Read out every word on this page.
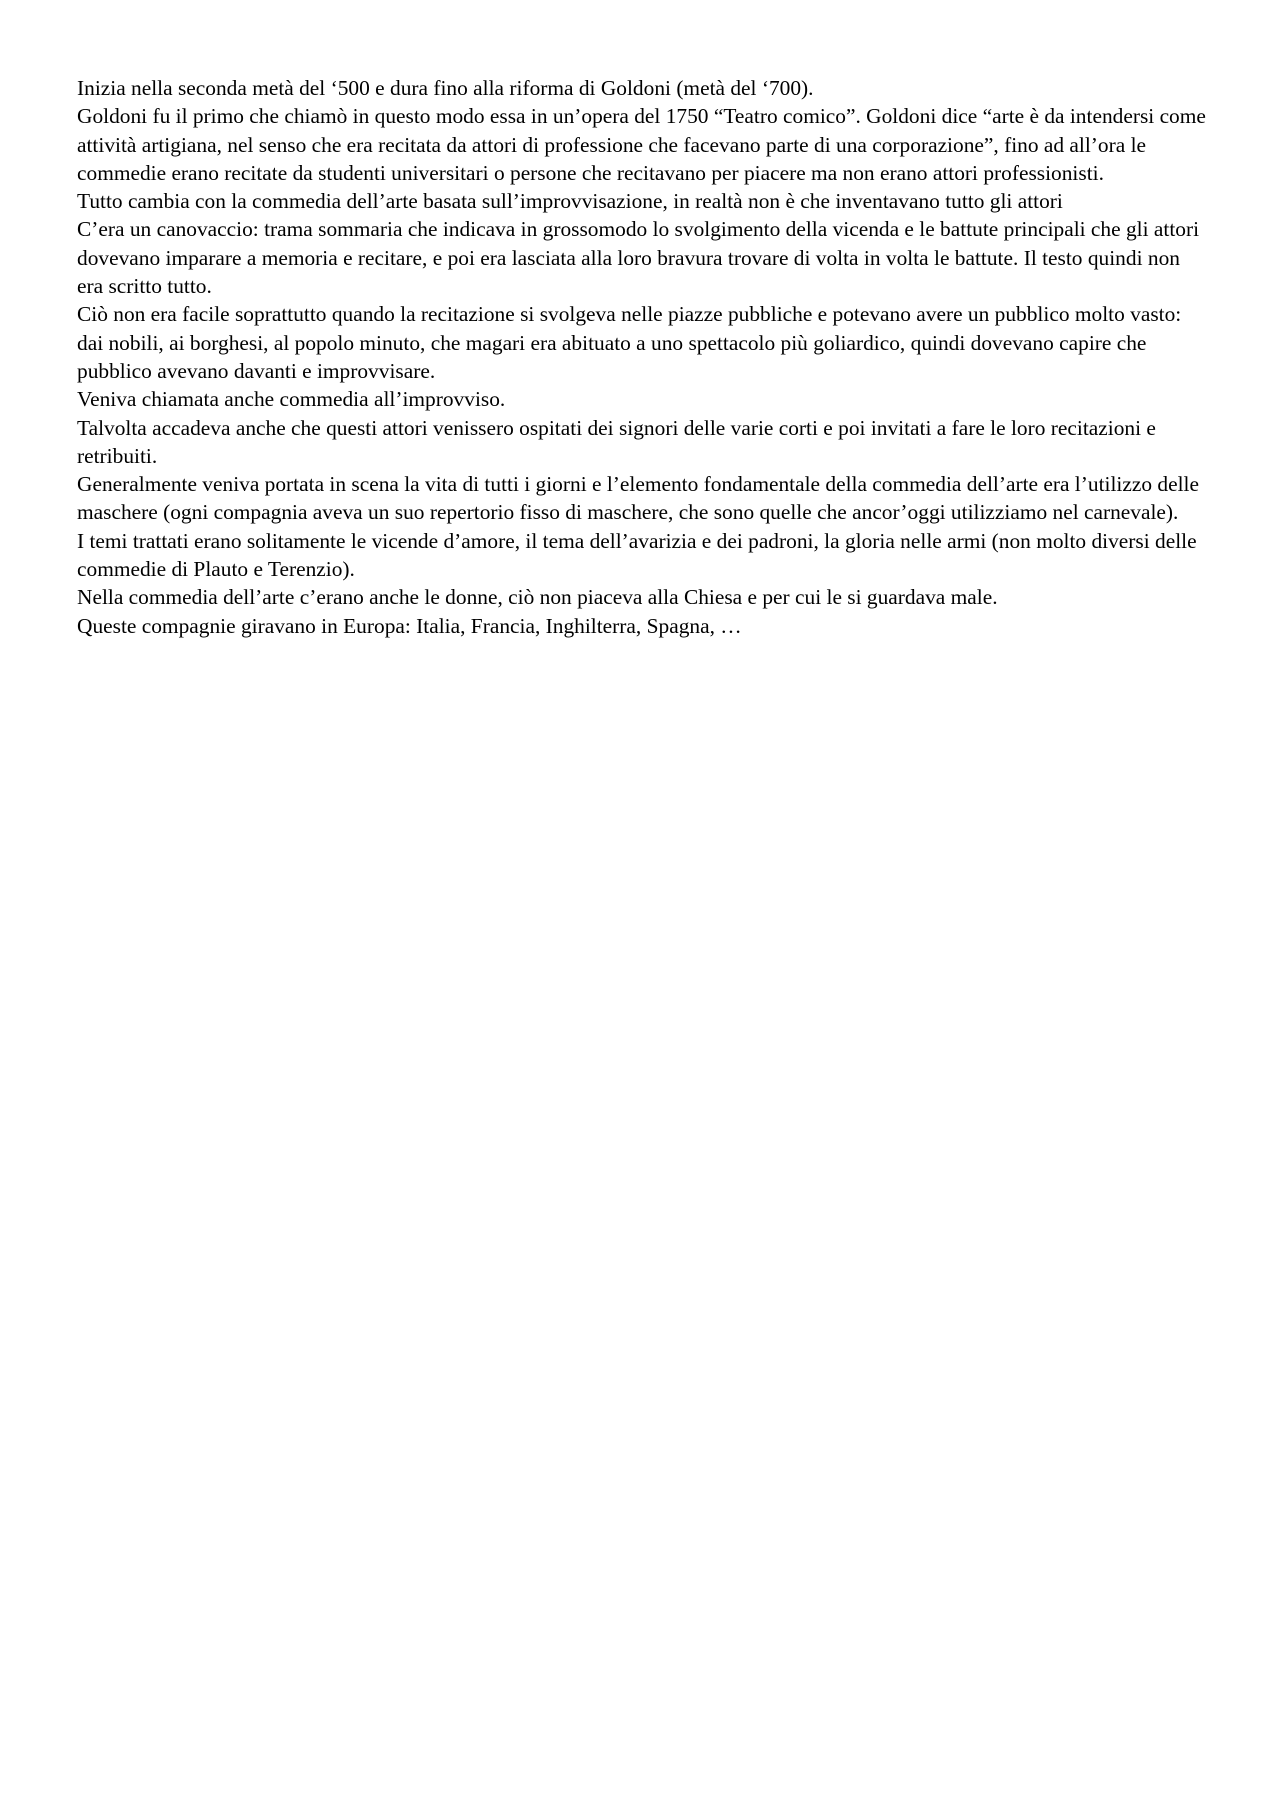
Inizia nella seconda metà del ‘500 e dura fino alla riforma di Goldoni (metà del ‘700).

Goldoni fu il primo che chiamò in questo modo essa in un’opera del 1750 “Teatro comico”. Goldoni dice “arte è da intendersi come attività artigiana, nel senso che era recitata da attori di professione che facevano parte di una corporazione”, fino ad all’ora le commedie erano recitate da studenti universitari o persone che recitavano per piacere ma non erano attori professionisti.

Tutto cambia con la commedia dell’arte basata sull’improvvisazione, in realtà non è che inventavano tutto gli attori

C’era un canovaccio: trama sommaria che indicava in grossomodo lo svolgimento della vicenda e le battute principali che gli attori dovevano imparare a memoria e recitare, e poi era lasciata alla loro bravura trovare di volta in volta le battute. Il testo quindi non era scritto tutto.

Ciò non era facile soprattutto quando la recitazione si svolgeva nelle piazze pubbliche e potevano avere un pubblico molto vasto: dai nobili, ai borghesi, al popolo minuto, che magari era abituato a uno spettacolo più goliardico, quindi dovevano capire che pubblico avevano davanti e improvvisare.

Veniva chiamata anche commedia all’improvviso.

Talvolta accadeva anche che questi attori venissero ospitati dei signori delle varie corti e poi invitati a fare le loro recitazioni e retribuiti.

Generalmente veniva portata in scena la vita di tutti i giorni e l’elemento fondamentale della commedia dell’arte era l’utilizzo delle maschere (ogni compagnia aveva un suo repertorio fisso di maschere, che sono quelle che ancor’oggi utilizziamo nel carnevale).

I temi trattati erano solitamente le vicende d’amore, il tema dell’avarizia e dei padroni, la gloria nelle armi (non molto diversi delle commedie di Plauto e Terenzio).

Nella commedia dell’arte c’erano anche le donne, ciò non piaceva alla Chiesa e per cui le si guardava male.

Queste compagnie giravano in Europa: Italia, Francia, Inghilterra, Spagna, …
